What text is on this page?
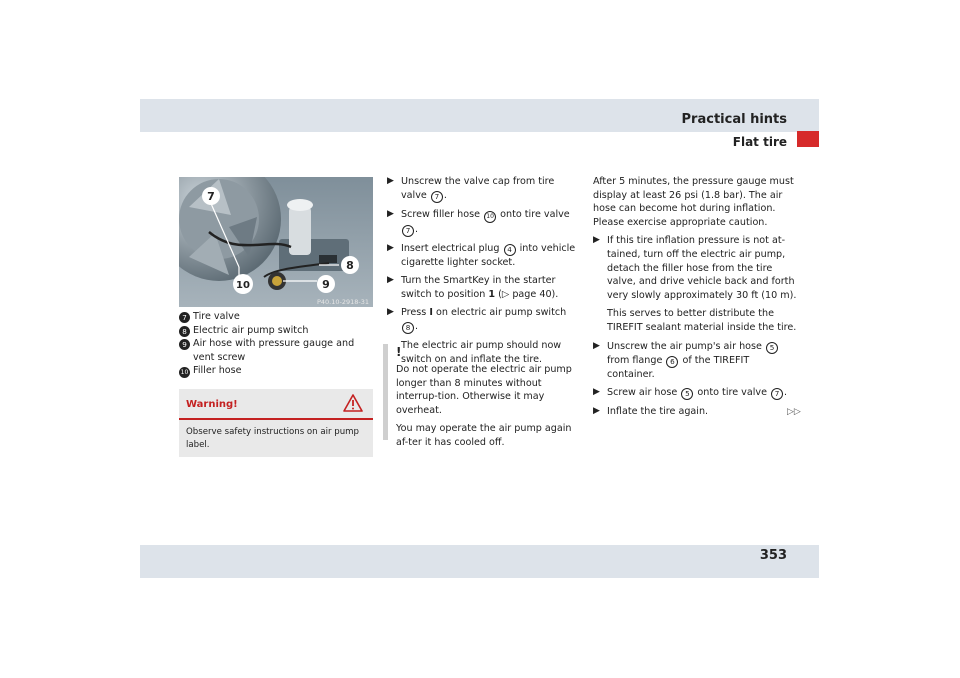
Practical hints
Flat tire
7
8
9
10
P40.10-2918-31
7 Tire valve
8 Electric air pump switch
9 Air hose with pressure gauge and vent screw
10 Filler hose
Warning!
Observe safety instructions on air pump label.
▶ Unscrew the valve cap from tire valve 7 .
▶ Screw filler hose 10 onto tire valve 7 .
▶ Insert electrical plug 4 into vehicle cigarette lighter socket.
▶ Turn the SmartKey in the starter switch to position 1 (▷ page 40).
▶ Press I on electric air pump switch 8 .
The electric air pump should now switch on and inflate the tire.
!
Do not operate the electric air pump longer than 8 minutes without interrup-tion. Otherwise it may overheat.
You may operate the air pump again af-ter it has cooled off.
After 5 minutes, the pressure gauge must display at least 26 psi (1.8 bar). The air hose can become hot during inflation. Please exercise appropriate caution.
▶ If this tire inflation pressure is not at-tained, turn off the electric air pump, detach the filler hose from the tire valve, and drive vehicle back and forth very slowly approximately 30 ft (10 m).
This serves to better distribute the TIREFIT sealant material inside the tire.
▶ Unscrew the air pump's air hose 5 from flange 6 of the TIREFIT container.
▶ Screw air hose 5 onto tire valve 7 .
▶ Inflate the tire again.	▷▷
353
